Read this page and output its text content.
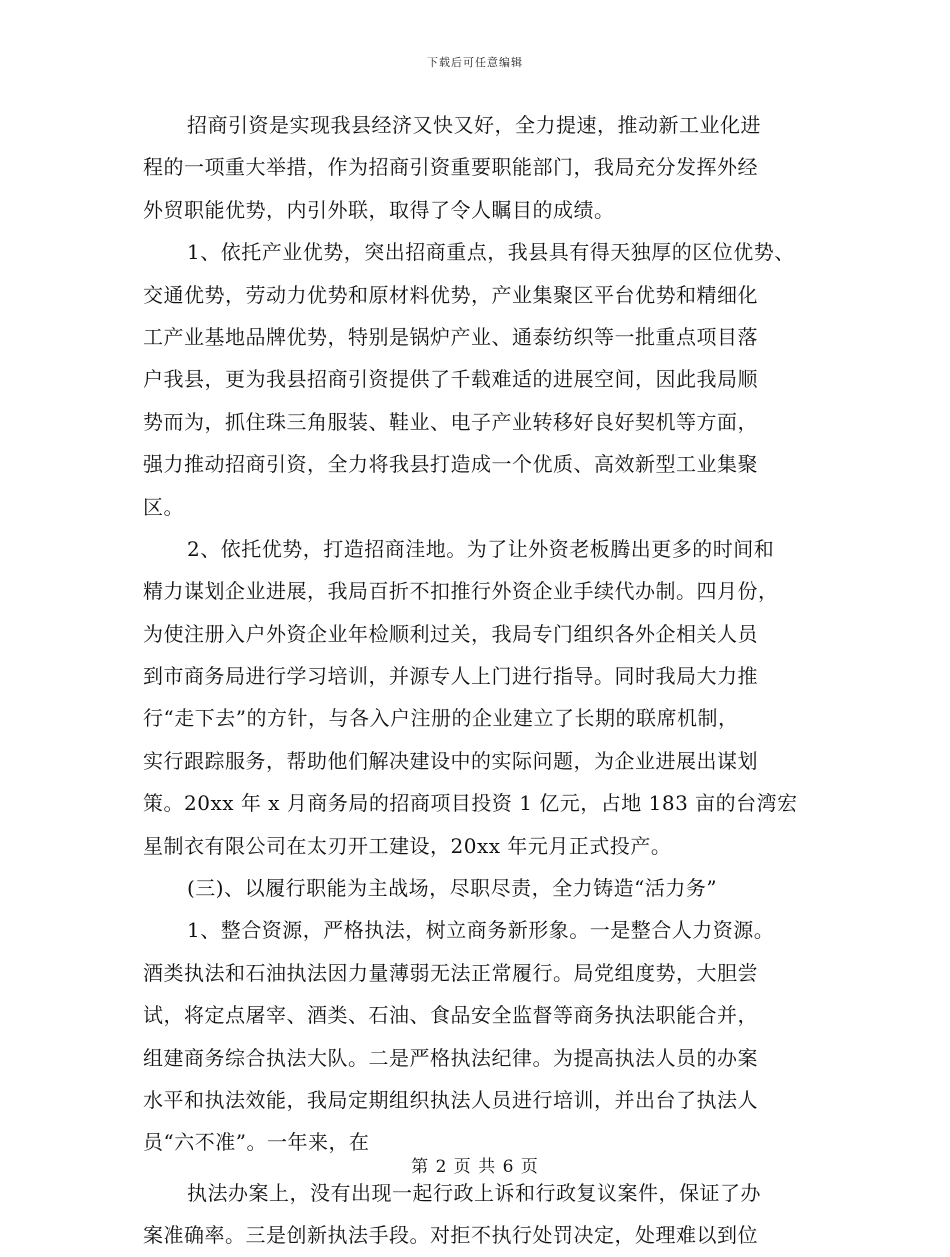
下载后可任意编辑
招商引资是实现我县经济又快又好，全力提速，推动新工业化进
程的一项重大举措，作为招商引资重要职能部门，我局充分发挥外经
外贸职能优势，内引外联，取得了令人瞩目的成绩。
1、依托产业优势，突出招商重点，我县具有得天独厚的区位优势、
交通优势，劳动力优势和原材料优势，产业集聚区平台优势和精细化
工产业基地品牌优势，特别是锅炉产业、通泰纺织等一批重点项目落
户我县，更为我县招商引资提供了千载难适的进展空间，因此我局顺
势而为，抓住珠三角服装、鞋业、电子产业转移好良好契机等方面，
强力推动招商引资，全力将我县打造成一个优质、高效新型工业集聚
区。
2、依托优势，打造招商洼地。为了让外资老板腾出更多的时间和
精力谋划企业进展，我局百折不扣推行外资企业手续代办制。四月份，
为使注册入户外资企业年检顺利过关，我局专门组织各外企相关人员
到市商务局进行学习培训，并源专人上门进行指导。同时我局大力推
行“走下去”的方针，与各入户注册的企业建立了长期的联席机制，
实行跟踪服务，帮助他们解决建设中的实际问题，为企业进展出谋划
策。20xx 年 x 月商务局的招商项目投资 1 亿元，占地 183 亩的台湾宏
星制衣有限公司在太刃开工建设，20xx 年元月正式投产。
(三)、以履行职能为主战场，尽职尽责，全力铸造“活力务”
1、整合资源，严格执法，树立商务新形象。一是整合人力资源。
酒类执法和石油执法因力量薄弱无法正常履行。局党组度势，大胆尝
试，将定点屠宰、酒类、石油、食品安全监督等商务执法职能合并，
组建商务综合执法大队。二是严格执法纪律。为提高执法人员的办案
水平和执法效能，我局定期组织执法人员进行培训，并出台了执法人
员“六不准”。一年来，在
执法办案上，没有出现一起行政上诉和行政复议案件，保证了办
案准确率。三是创新执法手段。对拒不执行处罚决定，处理难以到位
第 2 页 共 6 页
